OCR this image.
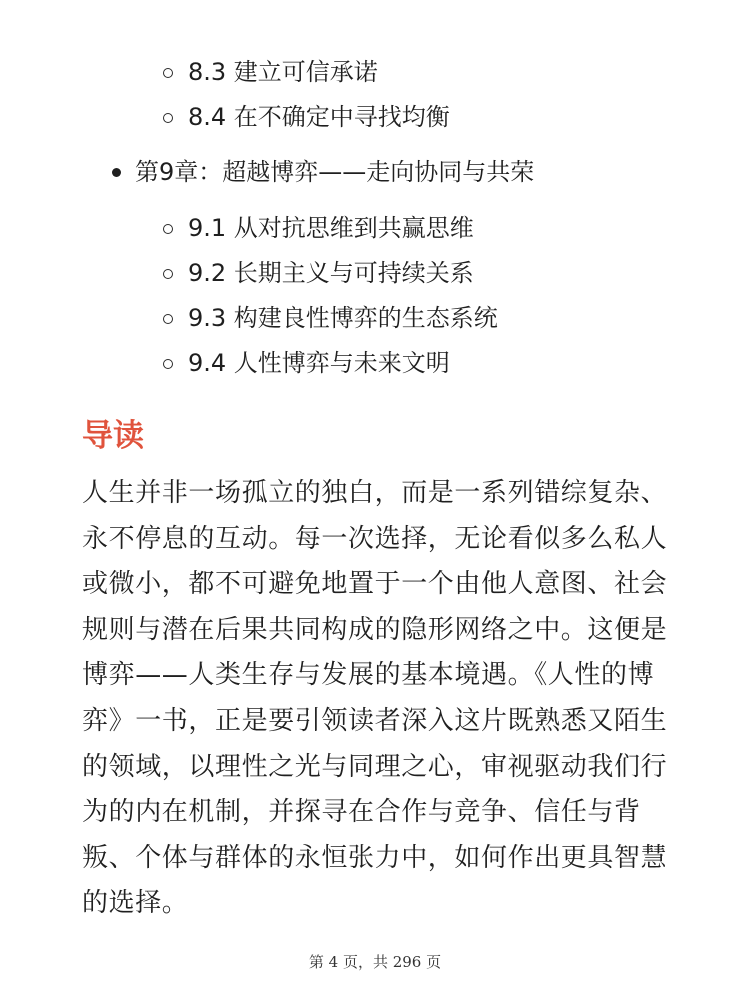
8.3 建立可信承诺
8.4 在不确定中寻找均衡
第9章：超越博弈——走向协同与共荣
9.1 从对抗思维到共赢思维
9.2 长期主义与可持续关系
9.3 构建良性博弈的生态系统
9.4 人性博弈与未来文明
导读

人生并非一场孤立的独白，而是一系列错综复杂、永不停息的互动。每一次选择，无论看似多么私人或微小，都不可避免地置于一个由他人意图、社会规则与潜在后果共同构成的隐形网络之中。这便是博弈——人类生存与发展的基本境遇。《人性的博弈》一书，正是要引领读者深入这片既熟悉又陌生的领域，以理性之光与同理之心，审视驱动我们行为的内在机制，并探寻在合作与竞争、信任与背叛、个体与群体的永恒张力中，如何作出更具智慧的选择。

第 4 页，共 296 页
